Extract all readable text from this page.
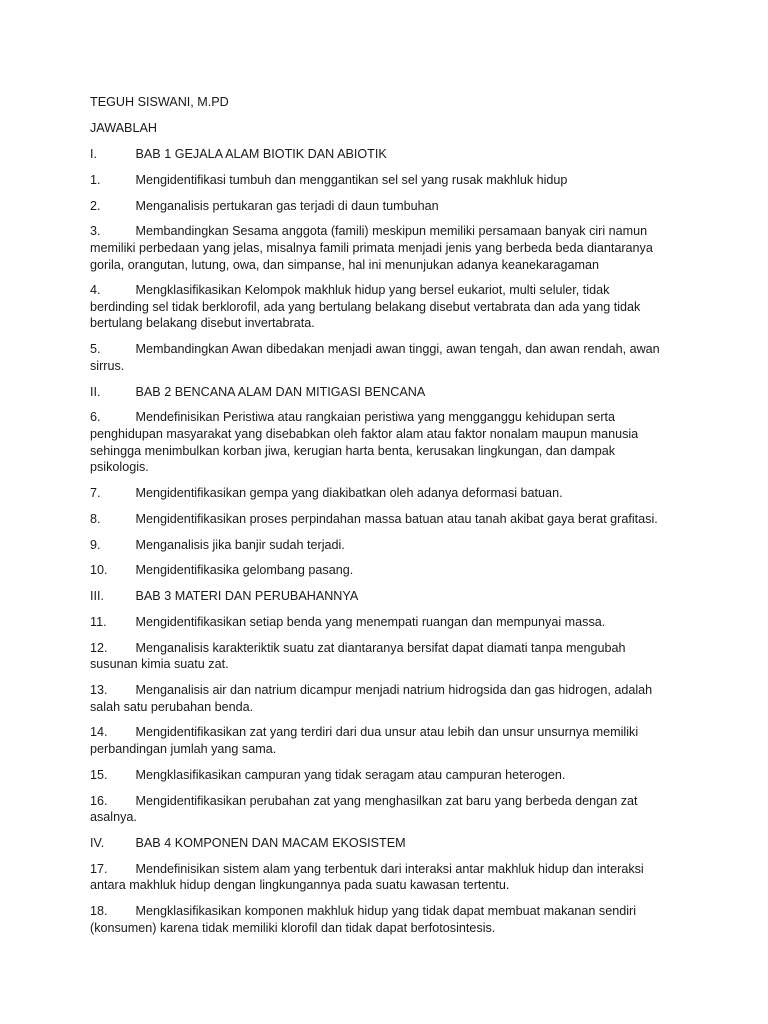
TEGUH SISWANI, M.PD

JAWABLAH

I.	BAB 1 GEJALA ALAM BIOTIK DAN ABIOTIK

1.	Mengidentifikasi tumbuh dan menggantikan sel sel yang rusak makhluk hidup

2.	Menganalisis pertukaran gas terjadi di daun tumbuhan

3.	Membandingkan Sesama anggota (famili) meskipun memiliki persamaan banyak ciri namun memiliki perbedaan yang jelas, misalnya famili primata menjadi jenis yang berbeda beda diantaranya gorila, orangutan, lutung, owa, dan simpanse, hal ini menunjukan adanya keanekaragaman

4.	Mengklasifikasikan Kelompok makhluk hidup yang bersel eukariot, multi seluler, tidak berdinding sel tidak berklorofil, ada yang bertulang belakang disebut vertabrata dan ada yang tidak bertulang belakang disebut invertabrata.

5.	Membandingkan Awan dibedakan menjadi awan tinggi, awan tengah, dan awan rendah, awan sirrus.

II.	BAB 2 BENCANA ALAM DAN MITIGASI BENCANA

6.	Mendefinisikan Peristiwa atau rangkaian peristiwa yang mengganggu kehidupan serta penghidupan masyarakat yang disebabkan oleh faktor alam atau faktor nonalam maupun manusia sehingga menimbulkan korban jiwa, kerugian harta benta, kerusakan lingkungan, dan dampak psikologis.

7.	Mengidentifikasikan gempa yang diakibatkan oleh adanya deformasi batuan.

8.	Mengidentifikasikan proses perpindahan massa batuan atau tanah akibat gaya berat grafitasi.

9.	Menganalisis jika banjir sudah terjadi.

10. Mengidentifikasika gelombang pasang.

III.	BAB 3 MATERI DAN PERUBAHANNYA

11. Mengidentifikasikan setiap benda yang menempati ruangan dan mempunyai massa.

12. Menganalisis karakteriktik suatu zat diantaranya bersifat dapat diamati tanpa mengubah susunan kimia suatu zat.

13. Menganalisis air dan natrium dicampur menjadi natrium hidrogsida dan gas hidrogen, adalah salah satu perubahan benda.

14. Mengidentifikasikan zat yang terdiri dari dua unsur atau lebih dan unsur unsurnya memiliki perbandingan jumlah yang sama.

15. Mengklasifikasikan campuran yang tidak seragam atau campuran heterogen.

16. Mengidentifikasikan perubahan zat yang menghasilkan zat baru yang berbeda dengan zat asalnya.

IV. BAB 4 KOMPONEN DAN MACAM EKOSISTEM

17. Mendefinisikan sistem alam yang terbentuk dari interaksi antar makhluk hidup dan interaksi antara makhluk hidup dengan lingkungannya pada suatu kawasan tertentu.

18. Mengklasifikasikan komponen makhluk hidup yang tidak dapat membuat makanan sendiri (konsumen) karena tidak memiliki klorofil dan tidak dapat berfotosintesis.
